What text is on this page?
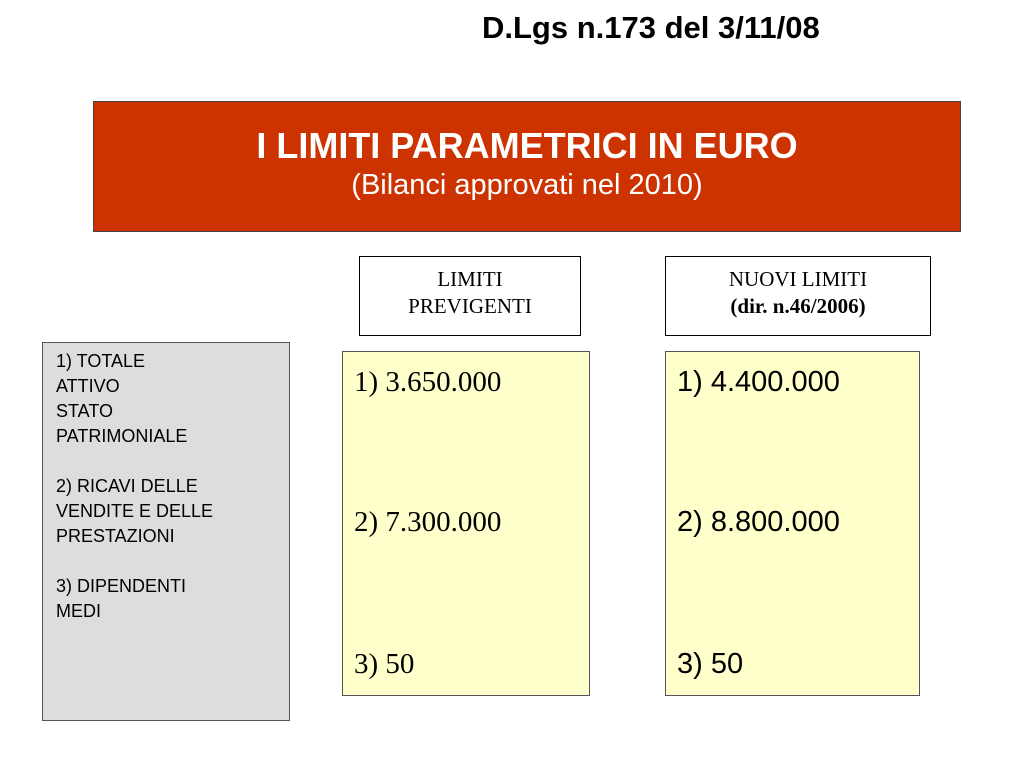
D.Lgs n.173 del 3/11/08
I LIMITI PARAMETRICI IN EURO
(Bilanci approvati nel 2010)
LIMITI
PREVIGENTI
NUOVI LIMITI
(dir. n.46/2006)
1) TOTALE
ATTIVO
STATO
PATRIMONIALE
2) RICAVI DELLE
VENDITE E DELLE
PRESTAZIONI
3) DIPENDENTI
MEDI
1) 3.650.000
2) 7.300.000
3) 50
1) 4.400.000
2) 8.800.000
3) 50
